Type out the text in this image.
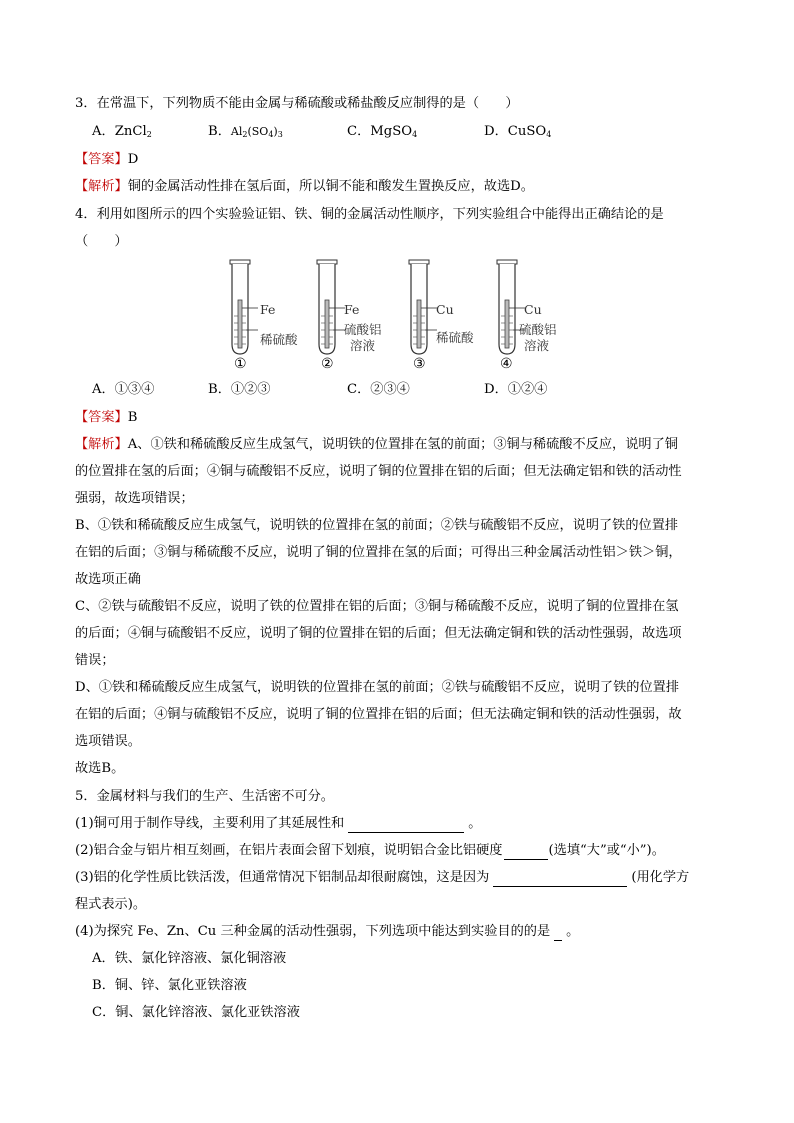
3．在常温下，下列物质不能由金属与稀硫酸或稀盐酸反应制得的是（　　）
A．ZnCl$_2$	B．$Al_2(SO_4)_3$	C．MgSO$_4$	D．CuSO$_4$
【答案】D
【解析】铜的金属活动性排在氢后面，所以铜不能和酸发生置换反应，故选D。
4．利用如图所示的四个实验验证铝、铁、铜的金属活动性顺序，下列实验组合中能得出正确结论的是
（　　）
Fe
稀硫酸
①
Fe
硫酸铝
溶液
②
Cu
稀硫酸
③
Cu
硫酸铝
溶液
④
A．①③④	B．①②③	C．②③④	D．①②④
【答案】B
【解析】A、①铁和稀硫酸反应生成氢气，说明铁的位置排在氢的前面；③铜与稀硫酸不反应，说明了铜
的位置排在氢的后面；④铜与硫酸铝不反应，说明了铜的位置排在铝的后面；但无法确定铝和铁的活动性
强弱，故选项错误；
B、①铁和稀硫酸反应生成氢气，说明铁的位置排在氢的前面；②铁与硫酸铝不反应，说明了铁的位置排
在铝的后面；③铜与稀硫酸不反应，说明了铜的位置排在氢的后面；可得出三种金属活动性铝＞铁＞铜，
故选项正确
C、②铁与硫酸铝不反应，说明了铁的位置排在铝的后面；③铜与稀硫酸不反应，说明了铜的位置排在氢
的后面；④铜与硫酸铝不反应，说明了铜的位置排在铝的后面；但无法确定铜和铁的活动性强弱，故选项
错误；
D、①铁和稀硫酸反应生成氢气，说明铁的位置排在氢的前面；②铁与硫酸铝不反应，说明了铁的位置排
在铝的后面；④铜与硫酸铝不反应，说明了铜的位置排在铝的后面；但无法确定铜和铁的活动性强弱，故
选项错误。
故选B。
5．金属材料与我们的生产、生活密不可分。
(1)铜可用于制作导线，主要利用了其延展性和	。
(2)铝合金与铝片相互刻画，在铝片表面会留下划痕，说明铝合金比铝硬度	(选填“大”或“小”)。
(3)铝的化学性质比铁活泼，但通常情况下铝制品却很耐腐蚀，这是因为	(用化学方
程式表示)。
(4)为探究 Fe、Zn、Cu 三种金属的活动性强弱，下列选项中能达到实验目的的是 。
A．铁、氯化锌溶液、氯化铜溶液
B．铜、锌、氯化亚铁溶液
C．铜、氯化锌溶液、氯化亚铁溶液
